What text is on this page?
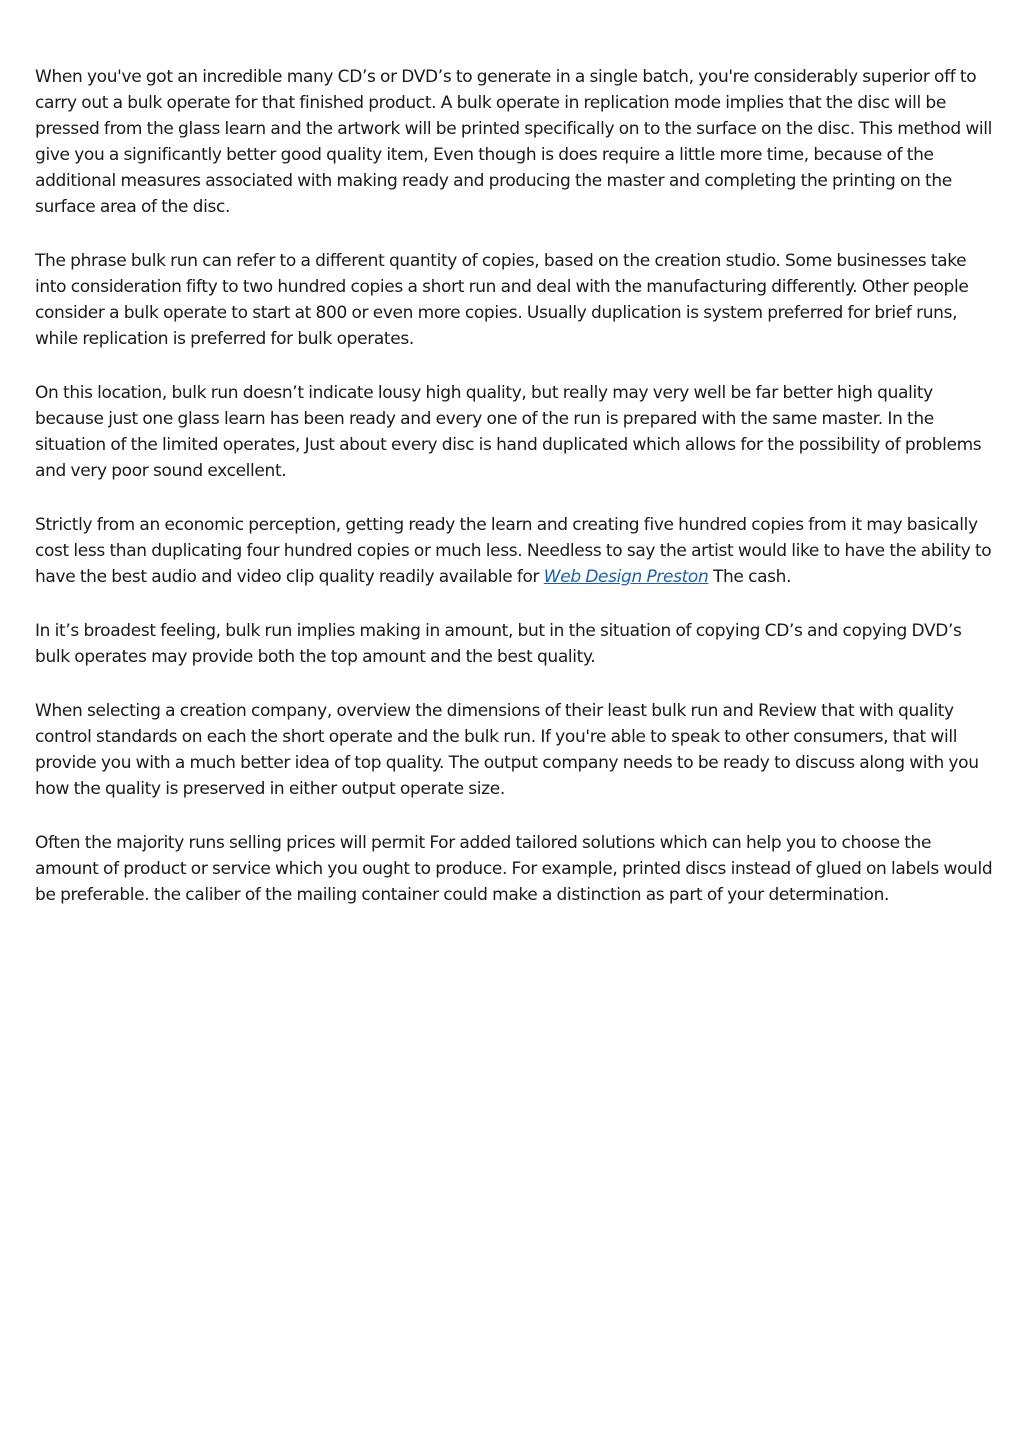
When you've got an incredible many CD’s or DVD’s to generate in a single batch, you're considerably superior off to carry out a bulk operate for that finished product. A bulk operate in replication mode implies that the disc will be pressed from the glass learn and the artwork will be printed specifically on to the surface on the disc. This method will give you a significantly better good quality item, Even though is does require a little more time, because of the additional measures associated with making ready and producing the master and completing the printing on the surface area of the disc.

The phrase bulk run can refer to a different quantity of copies, based on the creation studio. Some businesses take into consideration fifty to two hundred copies a short run and deal with the manufacturing differently. Other people consider a bulk operate to start at 800 or even more copies. Usually duplication is system preferred for brief runs, while replication is preferred for bulk operates.

On this location, bulk run doesn’t indicate lousy high quality, but really may very well be far better high quality because just one glass learn has been ready and every one of the run is prepared with the same master. In the situation of the limited operates, Just about every disc is hand duplicated which allows for the possibility of problems and very poor sound excellent.

Strictly from an economic perception, getting ready the learn and creating five hundred copies from it may basically cost less than duplicating four hundred copies or much less. Needless to say the artist would like to have the ability to have the best audio and video clip quality readily available for Web Design Preston The cash.

In it’s broadest feeling, bulk run implies making in amount, but in the situation of copying CD’s and copying DVD’s bulk operates may provide both the top amount and the best quality.

When selecting a creation company, overview the dimensions of their least bulk run and Review that with quality control standards on each the short operate and the bulk run. If you're able to speak to other consumers, that will provide you with a much better idea of top quality. The output company needs to be ready to discuss along with you how the quality is preserved in either output operate size.

Often the majority runs selling prices will permit For added tailored solutions which can help you to choose the amount of product or service which you ought to produce. For example, printed discs instead of glued on labels would be preferable. the caliber of the mailing container could make a distinction as part of your determination.
